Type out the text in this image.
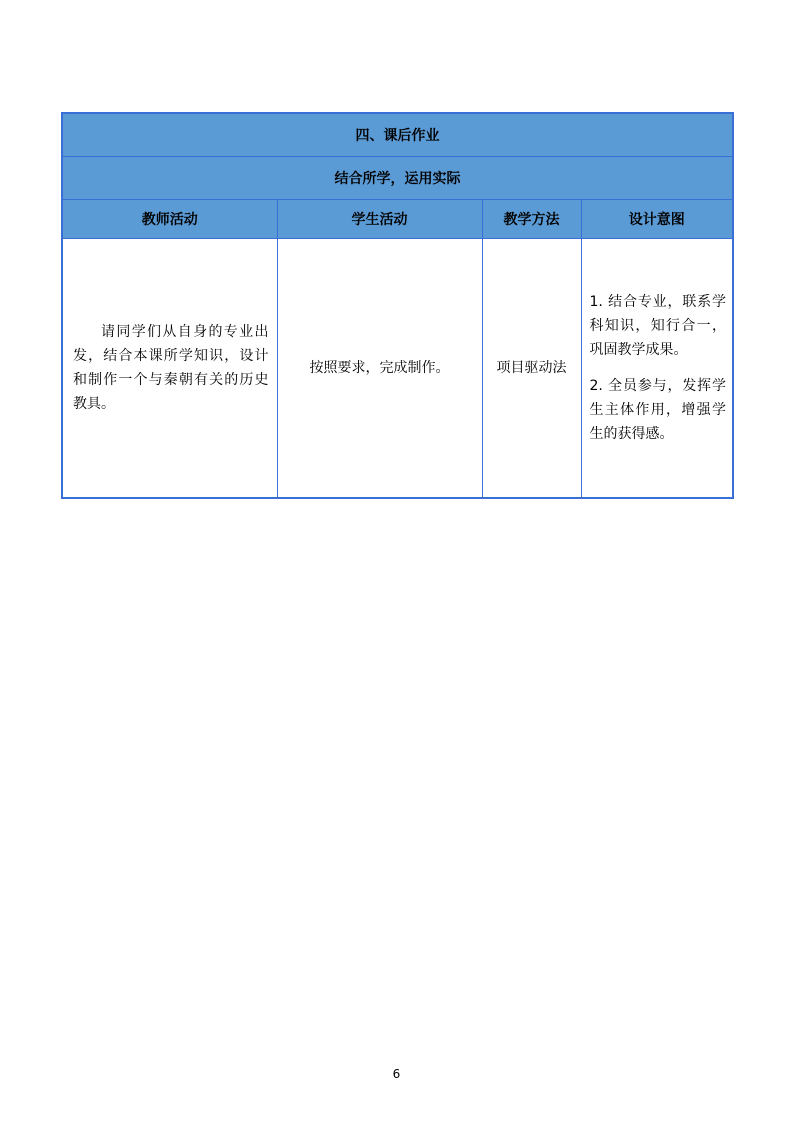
四、课后作业			
结合所学，运用实际			
教师活动	学生活动	教学方法	设计意图

请同学们从自身的专业出发，结合本课所学知识，设计和制作一个与秦朝有关的历史教具。	按照要求，完成制作。	项目驱动法	1. 结合专业，联系学科知识，知行合一，巩固教学成果。

2. 全员参与，发挥学生主体作用，增强学生的获得感。

6
